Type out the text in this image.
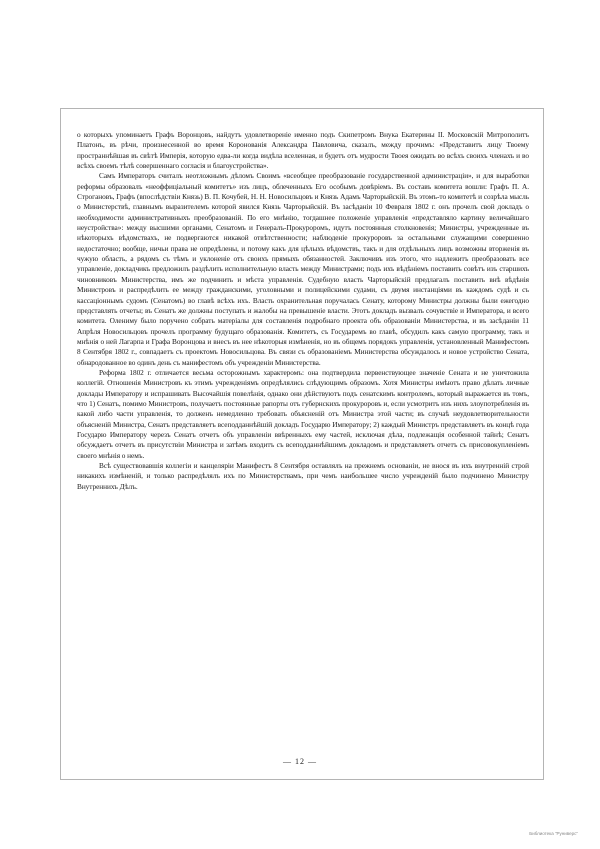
о которыхъ упоминаетъ Графъ Воронцовъ, найдутъ удовлетвореніе именно подъ Скипетромъ Внука Екатерины II. Московскій Митрополитъ Платонъ, въ рѣчи, произнесенной во время Коронованія Александра Павловича, сказалъ, между прочимъ: «Представитъ лицу Твоему пространнѣйшая въ свѣтѣ Имперія, которую едва-ли когда видѣла вселенная, и будетъ отъ мудрости Твоея ожидать во всѣхъ своихъ членахъ и во всѣхъ своемъ тѣлѣ совершеннаго согласія и благоустройства».

Самъ Императоръ считалъ неотложнымъ дѣломъ Своимъ «всеобщее преобразованіе государственной администраціи», и для выработки реформы образовалъ «неоффиціальный комитетъ» изъ лицъ, облеченныхъ Его особымъ довѣріемъ. Въ составъ комитета вошли: Графъ П. А. Строгановъ, Графъ (впослѣдствіи Князь) В. П. Кочубей, Н. Н. Новосильцовъ и Князь Адамъ Чарторыйскій. Въ этомъ-то комитетѣ и созрѣла мысль о Министерствѣ, главнымъ выразителемъ которой явился Князь Чарторыйскій. Въ засѣданіи 10 Февраля 1802 г. онъ прочелъ свой докладъ о необходимости административныхъ преобразованій. По его мнѣнію, тогдашнее положеніе управленія «представляло картину величайшаго неустройства»: между высшими органами, Сенатомъ и Генералъ-Прокуроромъ, идутъ постоянныя столкновенія; Министры, учрежденные въ нѣкоторыхъ вѣдомствахъ, не подвергаются никакой отвѣтственности; наблюденіе прокуроровъ за остальными служащими совершенно недостаточно; вообще, ничьи права не опредѣлены, и потому какъ для цѣлыхъ вѣдомствъ, такъ и для отдѣльныхъ лицъ возможны вторженія въ чужую область, а рядомъ съ тѣмъ и уклоненіе отъ своихъ прямыхъ обязанностей. Заключивъ изъ этого, что надлежитъ преобразовать все управленіе, докладчикъ предложилъ раздѣлить исполнительную власть между Министрами; подъ ихъ вѣдѣніемъ поставить совѣтъ изъ старшихъ чиновниковъ Министерства, имъ же подчинить и мѣста управленія. Судебную власть Чарторыйскій предлагалъ поставить внѣ вѣдѣнія Министровъ и распредѣлить ее между гражданскими, уголовными и полицейскими судами, съ двумя инстанціями въ каждомъ судѣ и съ кассаціоннымъ судомъ (Сенатомъ) во главѣ всѣхъ ихъ. Власть охранительная поручалась Сенату, которому Министры должны были ежегодно представлять отчеты; въ Сенатъ же должны поступать и жалобы на превышеніе власти. Этотъ докладъ вызвалъ сочувствіе и Императора, и всего комитета. Олениму было поручено собрать матеріалы для составленія подробнаго проекта объ образованіи Министерства, и въ засѣданіи 11 Апрѣля Новосильцовъ прочелъ программу будущаго образованія. Комитетъ, съ Государемъ во главѣ, обсудилъ какъ самую программу, такъ и мнѣнія о ней Лагарпа и Графа Воронцова и внесъ въ нее нѣкоторыя измѣненія, но въ общемъ порядокъ управленія, установленный Манифестомъ 8 Сентября 1802 г., совпадаетъ съ проектомъ Новосильцова. Въ связи съ образованіемъ Министерства обсуждалось и новое устройство Сената, обнародованное во одинъ день съ манифестомъ объ учрежденіи Министерства.

Реформа 1802 г. отличается весьма осторожнымъ характеромъ: она подтвердила первенствующее значеніе Сената и не уничтожила коллегій. Отношенія Министровъ къ этимъ учрежденіямъ опредѣлялись слѣдующимъ образомъ. Хотя Министры имѣютъ право дѣлать личные доклады Императору и испрашивать Высочайшія повелѣнія, однако они дѣйствуютъ подъ сенатскимъ контролемъ, который выражается въ томъ, что 1) Сенатъ, помимо Министровъ, получаетъ постоянные рапорты отъ губернскихъ прокуроровъ и, если усмотритъ изъ нихъ злоупотребленія въ какой либо части управленія, то долженъ немедленно требовать объясненій отъ Министра этой части; въ случаѣ неудовлетворительности объясненій Министра, Сенатъ представляетъ всеподданнѣйшій докладъ Государю Императору; 2) каждый Министръ представляетъ въ концѣ года Государю Императору черезъ Сенатъ отчетъ объ управленіи ввѣренныхъ ему частей, исключая дѣла, подлежащія особенной тайнѣ; Сенатъ обсуждаетъ отчетъ въ присутствіи Министра и затѣмъ входитъ съ всеподданнѣйшимъ докладомъ и представляетъ отчетъ съ присовокупленіемъ своего мнѣнія о немъ.

Всѣ существовавшія коллегіи и канцеляріи Манифестъ 8 Сентября оставлялъ на прежнемъ основаніи, не внося въ ихъ внутренній строй никакихъ измѣненій, и только распредѣлялъ ихъ по Министерствамъ, при чемъ наибольшее число учрежденій было подчинено Министру Внутреннихъ Дѣлъ.

— 12 —
Библиотека "Руниверс"
